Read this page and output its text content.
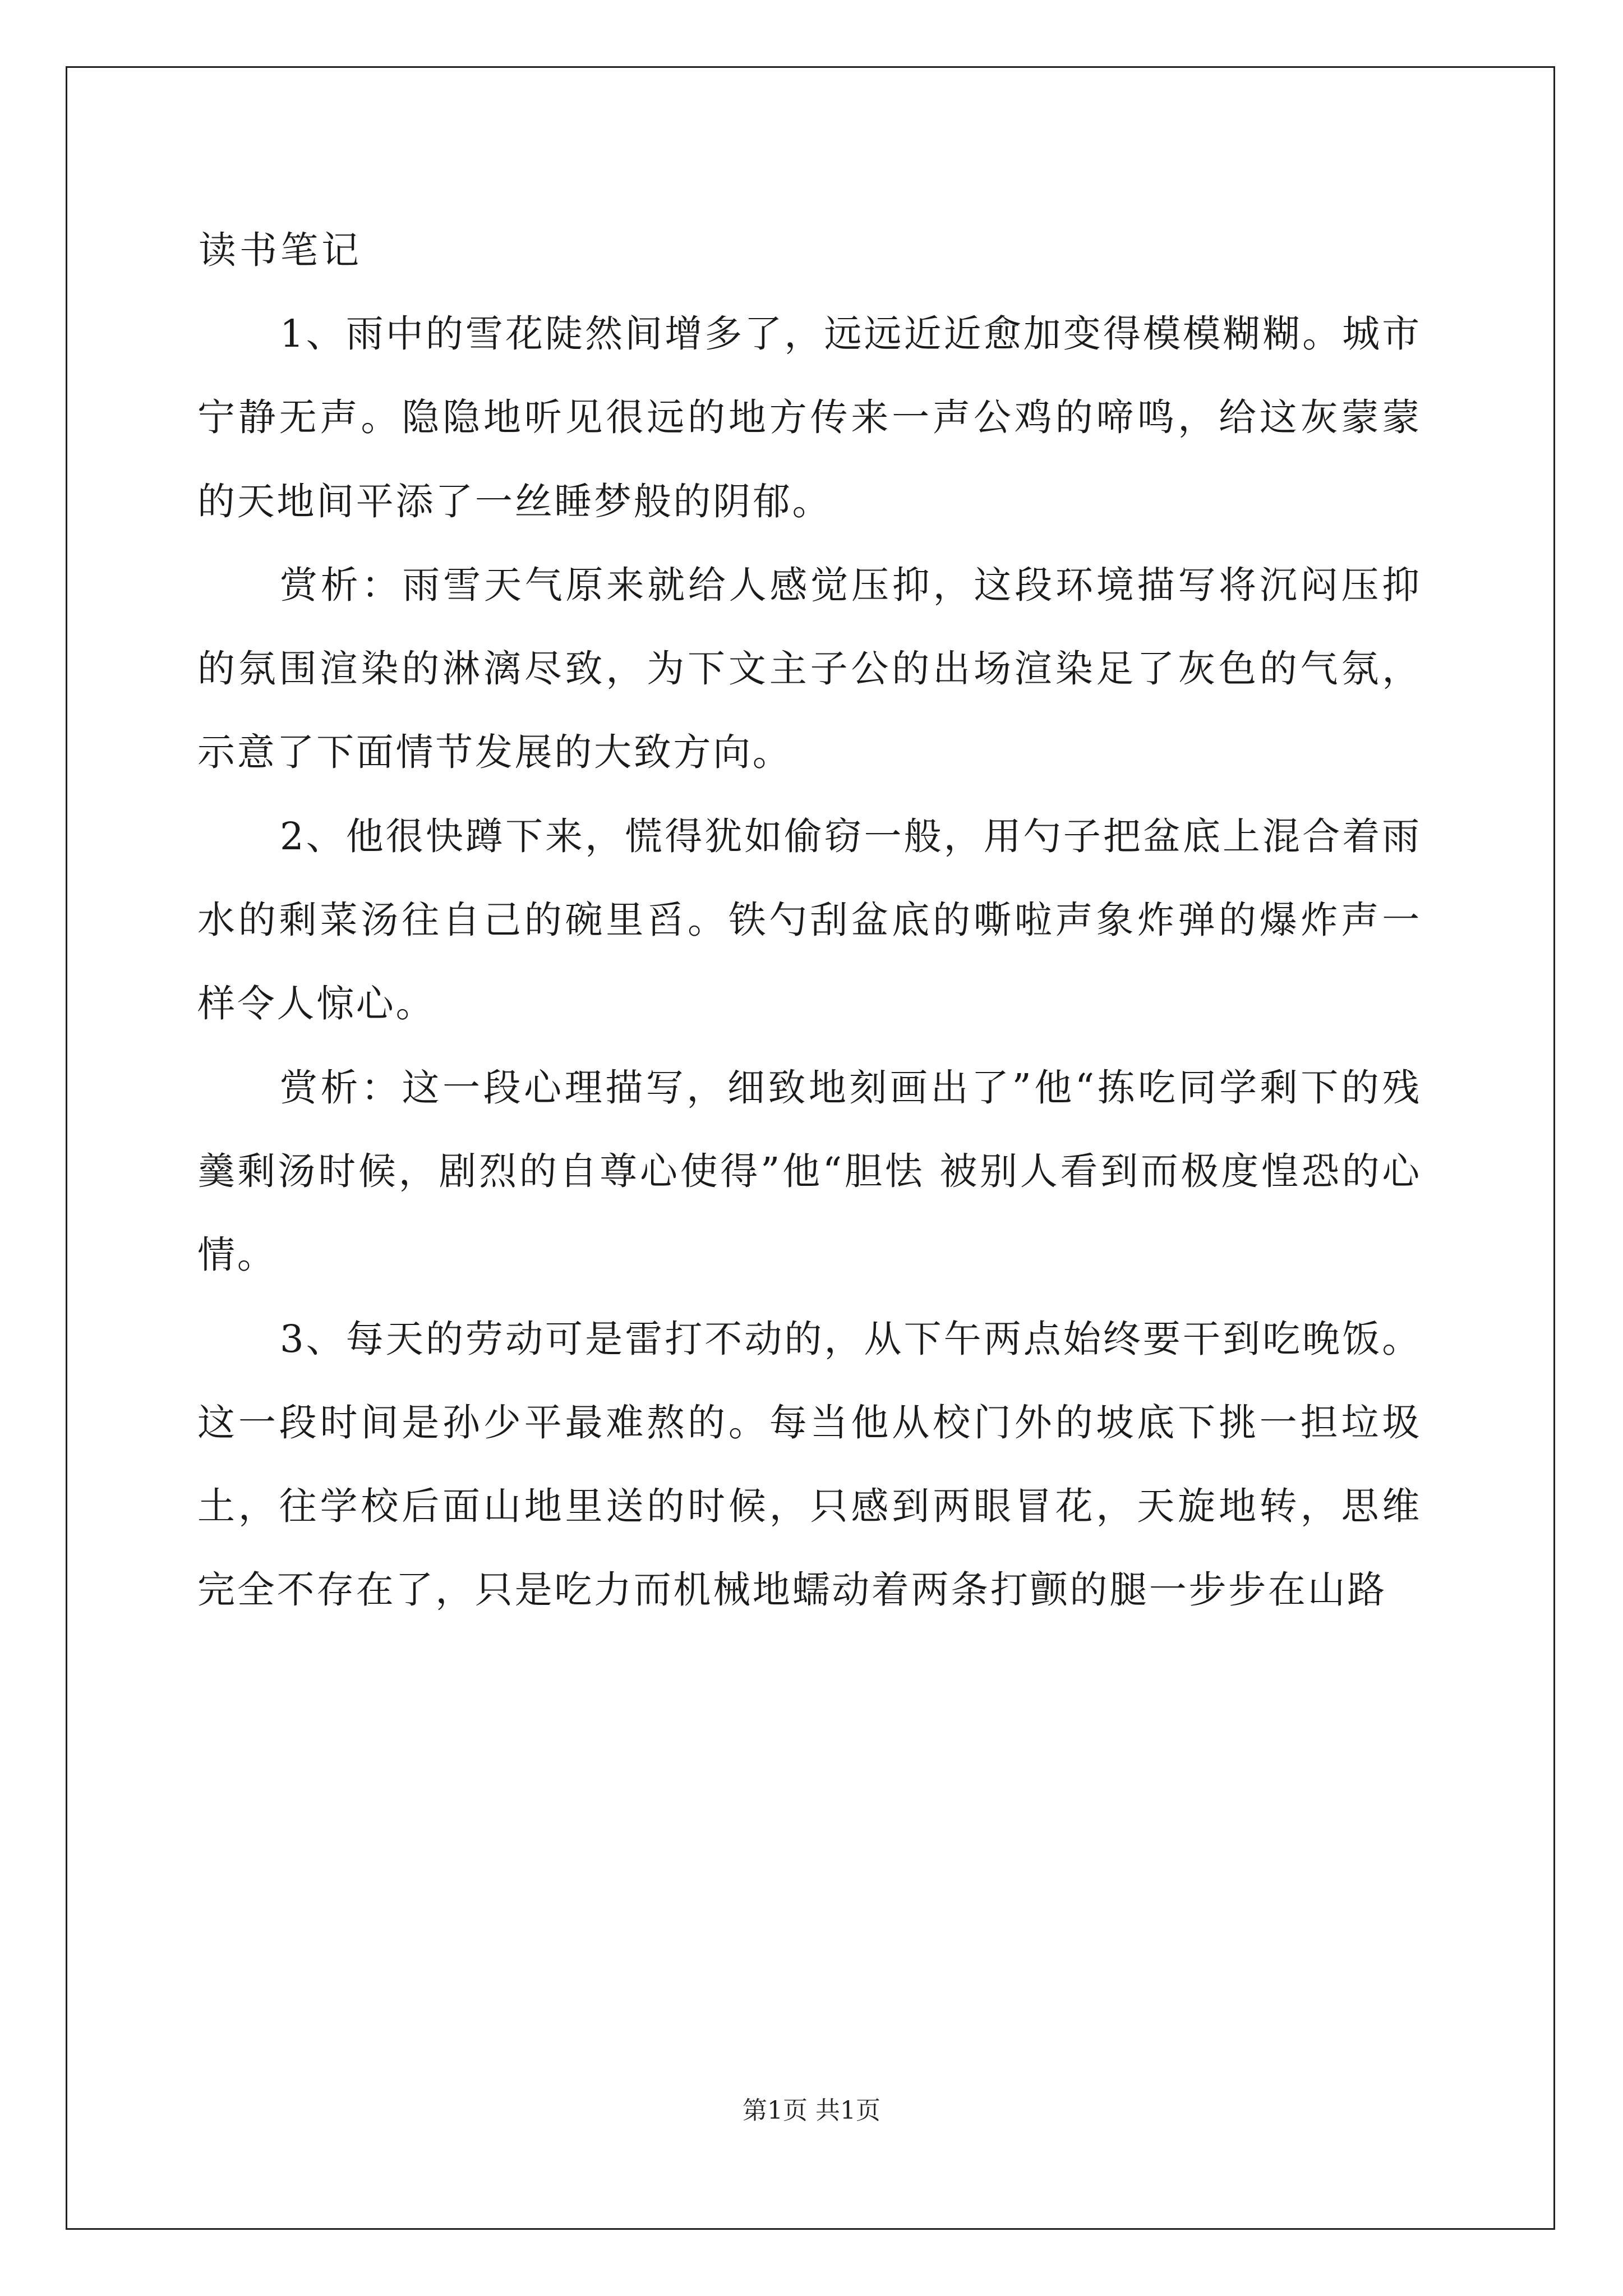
读书笔记

1、雨中的雪花陡然间增多了，远远近近愈加变得模模糊糊。城市宁静无声。隐隐地听见很远的地方传来一声公鸡的啼鸣，给这灰蒙蒙的天地间平添了一丝睡梦般的阴郁。

赏析：雨雪天气原来就给人感觉压抑，这段环境描写将沉闷压抑的氛围渲染的淋漓尽致，为下文主子公的出场渲染足了灰色的气氛，示意了下面情节发展的大致方向。

2、他很快蹲下来，慌得犹如偷窃一般，用勺子把盆底上混合着雨水的剩菜汤往自己的碗里舀。铁勺刮盆底的嘶啦声象炸弹的爆炸声一样令人惊心。

赏析：这一段心理描写，细致地刻画出了”他“拣吃同学剩下的残羹剩汤时候，剧烈的自尊心使得”他“胆怯 被别人看到而极度惶恐的心情。

3、每天的劳动可是雷打不动的，从下午两点始终要干到吃晚饭。这一段时间是孙少平最难熬的。每当他从校门外的坡底下挑一担垃圾土，往学校后面山地里送的时候，只感到两眼冒花，天旋地转，思维完全不存在了，只是吃力而机械地蠕动着两条打颤的腿一步步在山路

第1页 共1页
